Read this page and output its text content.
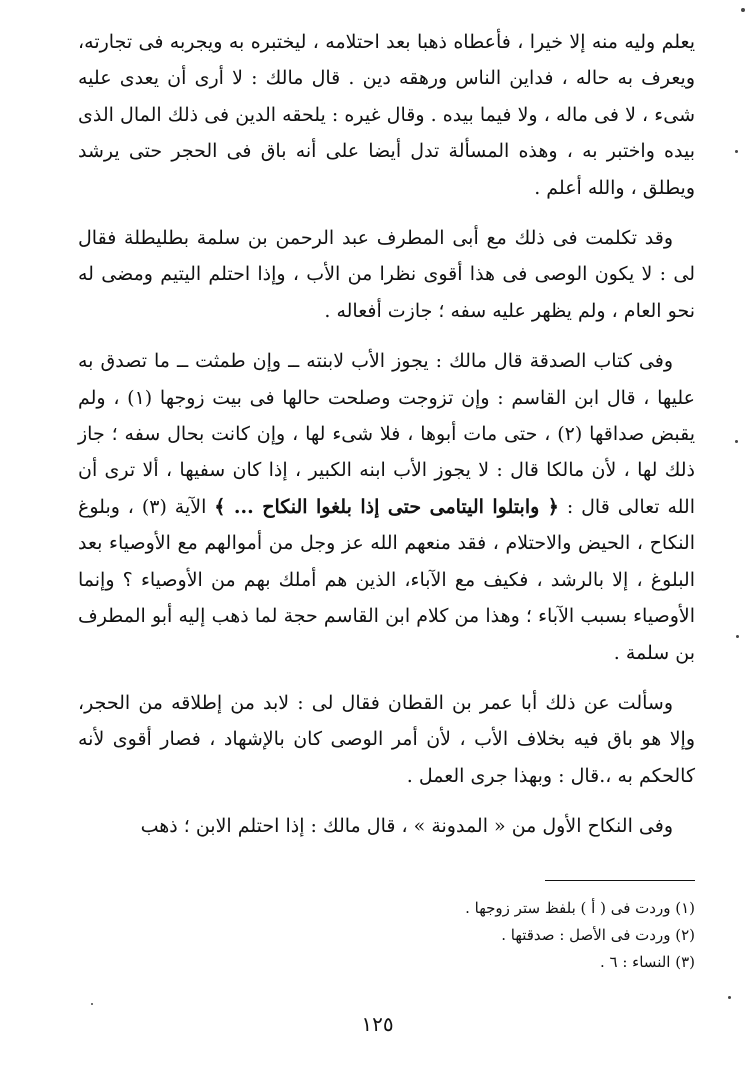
يعلم وليه منه إلا خيرا ، فأعطاه ذهبا بعد احتلامه ، ليختبره به ويجربه فى تجارته، ويعرف به حاله ، فداين الناس ورهقه دين . قال مالك : لا أرى أن يعدى عليه شىء ، لا فى ماله ، ولا فيما بيده . وقال غيره : يلحقه الدين فى ذلك المال الذى بيده واختبر به ، وهذه المسألة تدل أيضا على أنه باق فى الحجر حتى يرشد ويطلق ، والله أعلم .

وقد تكلمت فى ذلك مع أبى المطرف عبد الرحمن بن سلمة بطليطلة فقال لى : لا يكون الوصى فى هذا أقوى نظرا من الأب ، وإذا احتلم اليتيم ومضى له نحو العام ، ولم يظهر عليه سفه ؛ جازت أفعاله .

وفى كتاب الصدقة قال مالك : يجوز الأب لابنته ــ وإن طمثت ــ ما تصدق به عليها ، قال ابن القاسم : وإن تزوجت وصلحت حالها فى بيت زوجها (١) ، ولم يقبض صداقها (٢) ، حتى مات أبوها ، فلا شىء لها ، وإن كانت بحال سفه ؛ جاز ذلك لها ، لأن مالكا قال : لا يجوز الأب ابنه الكبير ، إذا كان سفيها ، ألا ترى أن الله تعالى قال : ﴿ وابتلوا اليتامى حتى إذا بلغوا النكاح ... ﴾ الآية (٣) ، وبلوغ النكاح ، الحيض والاحتلام ، فقد منعهم الله عز وجل من أموالهم مع الأوصياء بعد البلوغ ، إلا بالرشد ، فكيف مع الآباء، الذين هم أملك بهم من الأوصياء ؟ وإنما الأوصياء بسبب الآباء ؛ وهذا من كلام ابن القاسم حجة لما ذهب إليه أبو المطرف بن سلمة .

وسألت عن ذلك أبا عمر بن القطان فقال لى : لابد من إطلاقه من الحجر، وإلا هو باق فيه بخلاف الأب ، لأن أمر الوصى كان بالإشهاد ، فصار أقوى لأنه كالحكم به ،.قال : وبهذا جرى العمل .

وفى النكاح الأول من « المدونة » ، قال مالك : إذا احتلم الابن ؛ ذهب

(١) وردت فى ( أ ) بلفظ ستر زوجها .

(٢) وردت فى الأصل : صدقتها .

(٣) النساء : ٦ .

١٢٥
